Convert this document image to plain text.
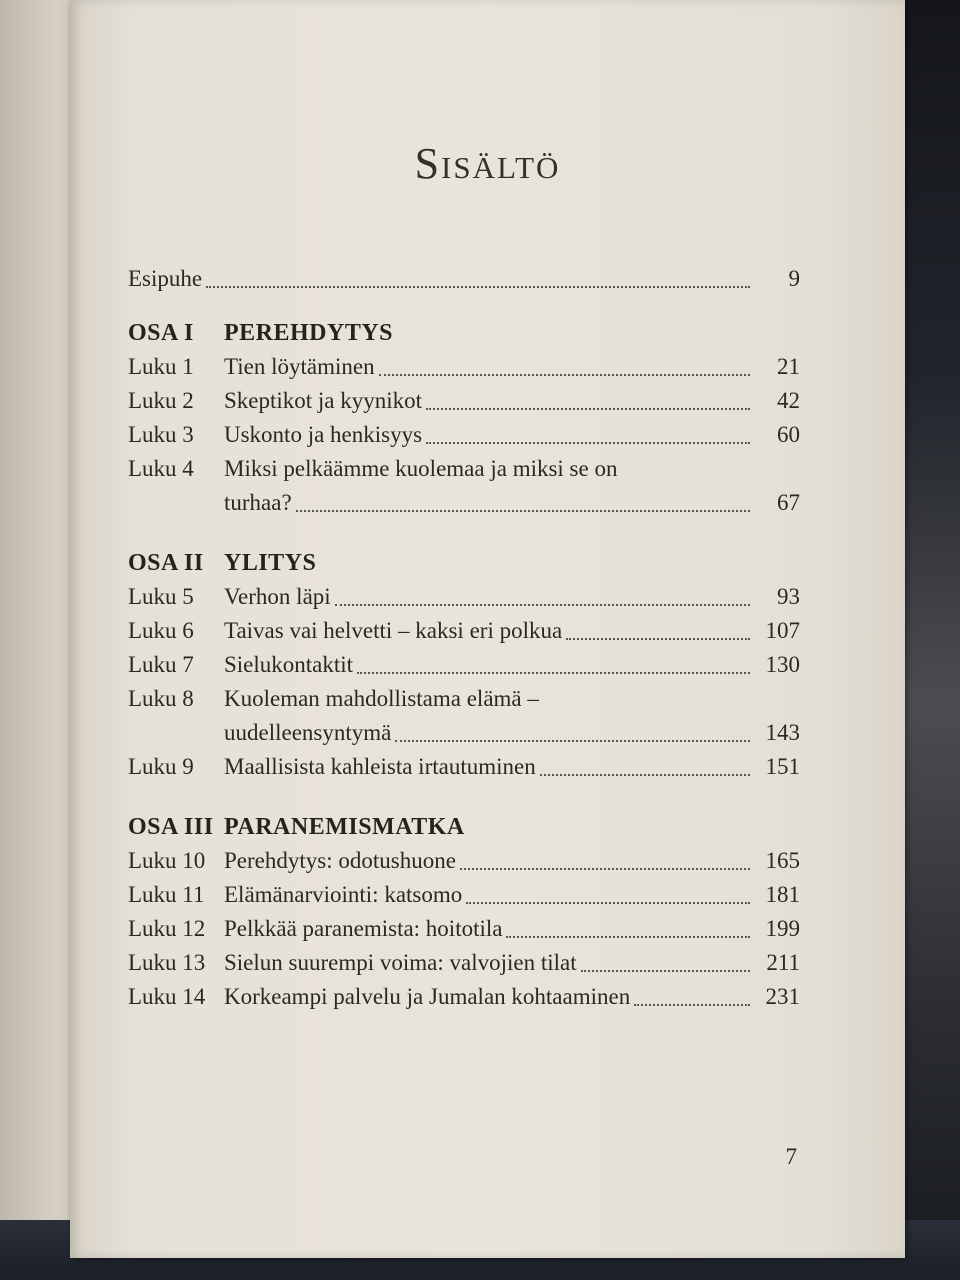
Sisältö
Esipuhe	9
OSA I	PEREHDYTYS
Luku 1	Tien löytäminen	21
Luku 2	Skeptikot ja kyynikot	42
Luku 3	Uskonto ja henkisyys	60
Luku 4	Miksi pelkäämme kuolemaa ja miksi se on
turhaa?	67
OSA II YLITYS
Luku 5	Verhon läpi	93
Luku 6	Taivas vai helvetti – kaksi eri polkua	107
Luku 7	Sielukontaktit	130
Luku 8	Kuoleman mahdollistama elämä –
uudelleensyntymä	143
Luku 9	Maallisista kahleista irtautuminen	151
OSA III PARANEMISMATKA
Luku 10 Perehdytys: odotushuone	165
Luku 11 Elämänarviointi: katsomo	181
Luku 12 Pelkkää paranemista: hoitotila	199
Luku 13 Sielun suurempi voima: valvojien tilat	211
Luku 14 Korkeampi palvelu ja Jumalan kohtaaminen	231
7
